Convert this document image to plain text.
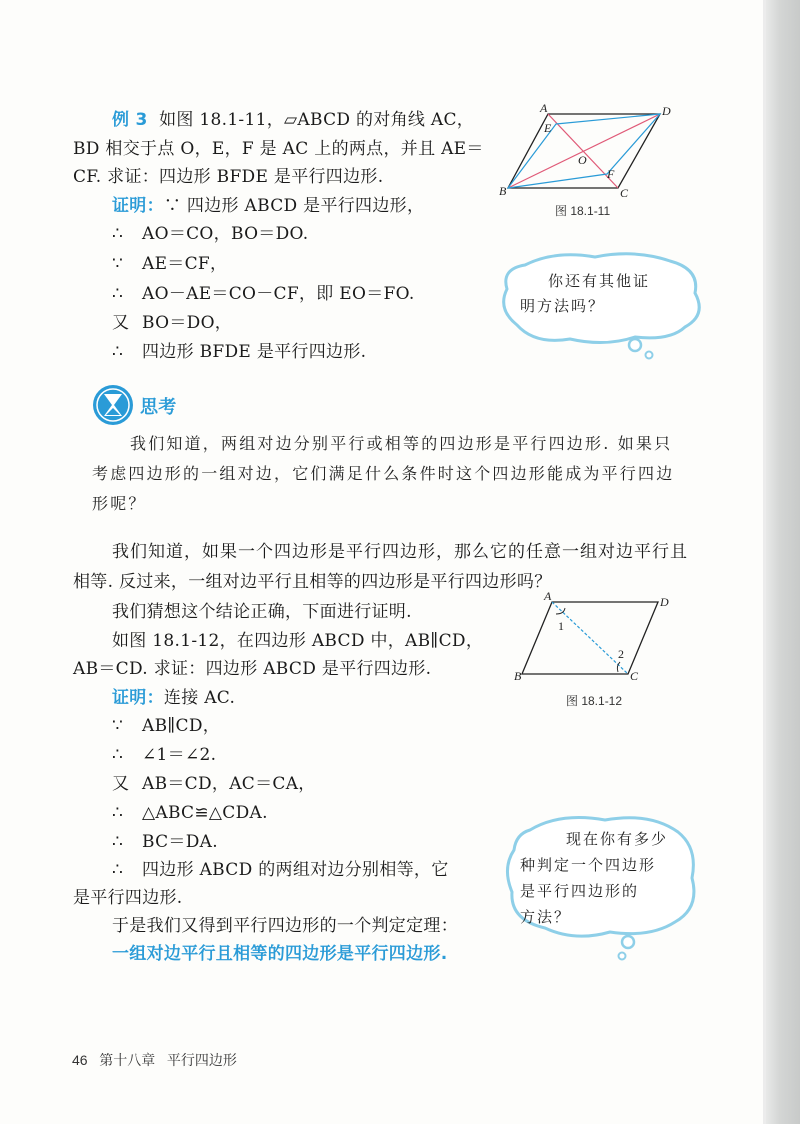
例 3 如图 18.1-11，▱ABCD 的对角线 AC，
BD 相交于点 O，E，F 是 AC 上的两点，并且 AE＝
CF. 求证：四边形 BFDE 是平行四边形.
证明：∵ 四边形 ABCD 是平行四边形，
∴ AO＝CO，BO＝DO.
∵ AE＝CF，
∴ AO－AE＝CO－CF，即 EO＝FO.
又 BO＝DO，
∴ 四边形 BFDE 是平行四边形.
A	D
E
O
F
B	C
图 18.1-11
你还有其他证
明方法吗？
思考
我们知道，两组对边分别平行或相等的四边形是平行四边形. 如果只
考虑四边形的一组对边，它们满足什么条件时这个四边形能成为平行四边
形呢？
我们知道，如果一个四边形是平行四边形，那么它的任意一组对边平行且
相等. 反过来，一组对边平行且相等的四边形是平行四边形吗？
我们猜想这个结论正确，下面进行证明.
如图 18.1-12，在四边形 ABCD 中，AB∥CD，
AB＝CD. 求证：四边形 ABCD 是平行四边形.
证明：连接 AC.
∵ AB∥CD，
∴ ∠1＝∠2.
又 AB＝CD，AC＝CA，
∴ △ABC≌△CDA.
∴ BC＝DA.
∴ 四边形 ABCD 的两组对边分别相等，它
是平行四边形.
于是我们又得到平行四边形的一个判定定理：
一组对边平行且相等的四边形是平行四边形.
A	D
B	C
1
2
图 18.1-12
现在你有多少
种判定一个四边形
是平行四边形的
方法？
46 第十八章 平行四边形
